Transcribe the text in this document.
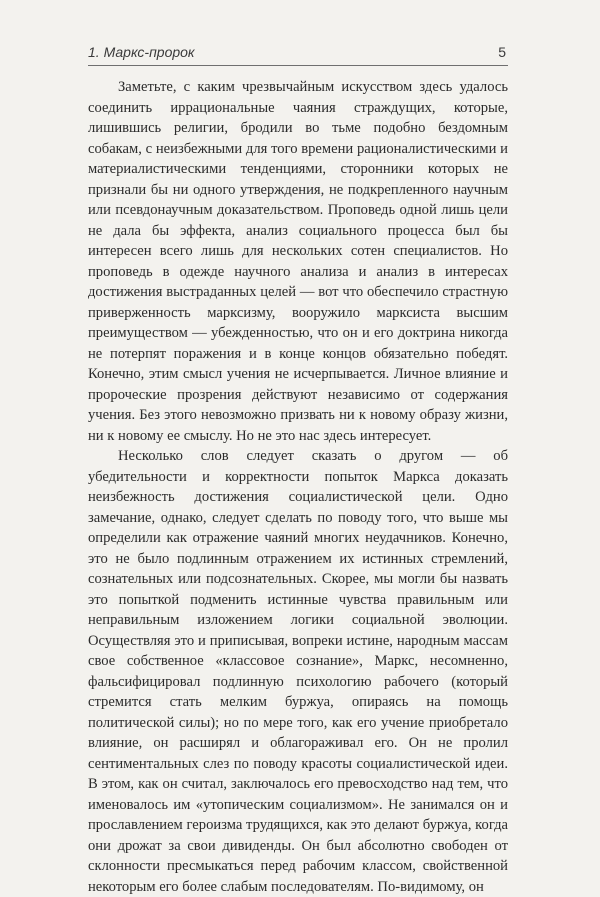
1. Маркс-пророк	5

Заметьте, с каким чрезвычайным искусством здесь удалось соединить иррациональные чаяния страждущих, которые, лишившись религии, бродили во тьме подобно бездомным собакам, с неизбежными для того времени рационалистическими и материалистическими тенденциями, сторонники которых не признали бы ни одного утверждения, не подкрепленного научным или псевдонаучным доказательством. Проповедь одной лишь цели не дала бы эффекта, анализ социального процесса был бы интересен всего лишь для нескольких сотен специалистов. Но проповедь в одежде научного анализа и анализ в интересах достижения выстраданных целей — вот что обеспечило страстную приверженность марксизму, вооружило марксиста высшим преимуществом — убежденностью, что он и его доктрина никогда не потерпят поражения и в конце концов обязательно победят. Конечно, этим смысл учения не исчерпывается. Личное влияние и пророческие прозрения действуют независимо от содержания учения. Без этого невозможно призвать ни к новому образу жизни, ни к новому ее смыслу. Но не это нас здесь интересует.

Несколько слов следует сказать о другом — об убедительности и корректности попыток Маркса доказать неизбежность достижения социалистической цели. Одно замечание, однако, следует сделать по поводу того, что выше мы определили как отражение чаяний многих неудачников. Конечно, это не было подлинным отражением их истинных стремлений, сознательных или подсознательных. Скорее, мы могли бы назвать это попыткой подменить истинные чувства правильным или неправильным изложением логики социальной эволюции. Осуществляя это и приписывая, вопреки истине, народным массам свое собственное «классовое сознание», Маркс, несомненно, фальсифицировал подлинную психологию рабочего (который стремится стать мелким буржуа, опираясь на помощь политической силы); но по мере того, как его учение приобретало влияние, он расширял и облагораживал его. Он не пролил сентиментальных слез по поводу красоты социалистической идеи. В этом, как он считал, заключалось его превосходство над тем, что именовалось им «утопическим социализмом». Не занимался он и прославлением героизма трудящихся, как это делают буржуа, когда они дрожат за свои дивиденды. Он был абсолютно свободен от склонности пресмыкаться перед рабочим классом, свойственной некоторым его более слабым последователям. По-видимому, он
